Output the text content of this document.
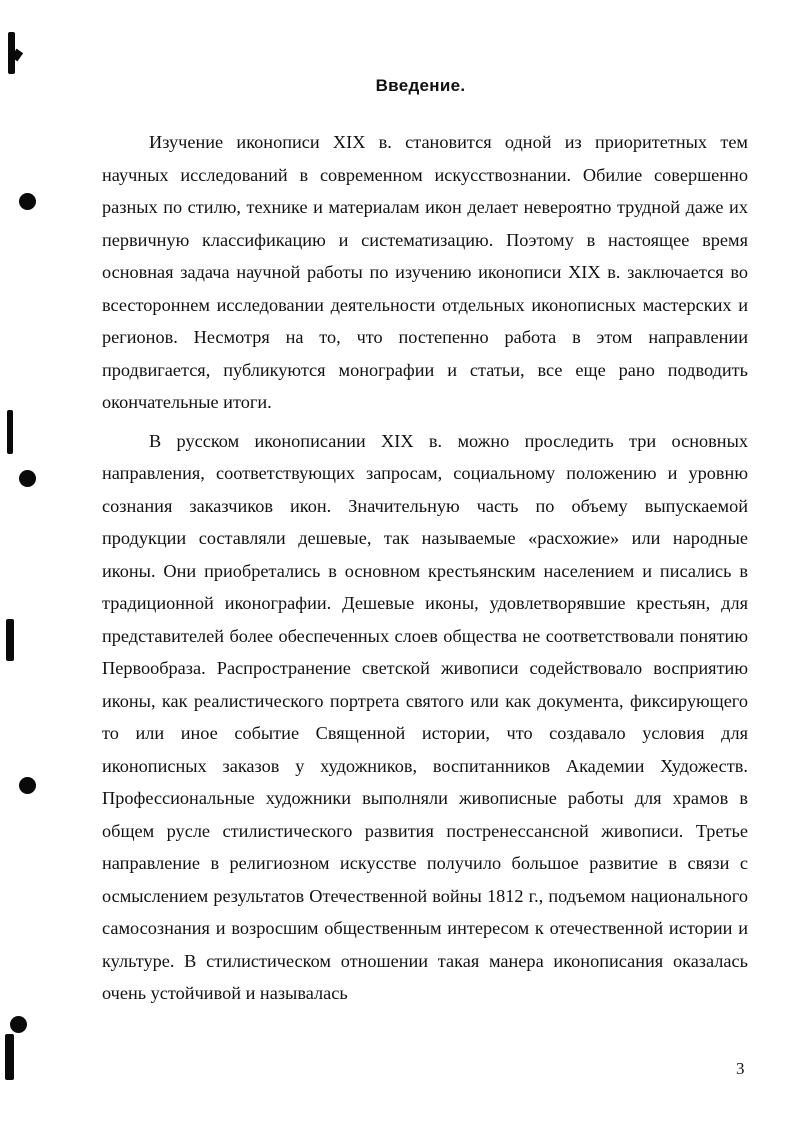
Введение.

Изучение иконописи XIX в. становится одной из приоритетных тем научных исследований в современном искусствознании. Обилие совершенно разных по стилю, технике и материалам икон делает невероятно трудной даже их первичную классификацию и систематизацию. Поэтому в настоящее время основная задача научной работы по изучению иконописи XIX в. заключается во всестороннем исследовании деятельности отдельных иконописных мастерских и регионов. Несмотря на то, что постепенно работа в этом направлении продвигается, публикуются монографии и статьи, все еще рано подводить окончательные итоги.

В русском иконописании XIX в. можно проследить три основных направления, соответствующих запросам, социальному положению и уровню сознания заказчиков икон. Значительную часть по объему выпускаемой продукции составляли дешевые, так называемые «расхожие» или народные иконы. Они приобретались в основном крестьянским населением и писались в традиционной иконографии. Дешевые иконы, удовлетворявшие крестьян, для представителей более обеспеченных слоев общества не соответствовали понятию Первообраза. Распространение светской живописи содействовало восприятию иконы, как реалистического портрета святого или как документа, фиксирующего то или иное событие Священной истории, что создавало условия для иконописных заказов у художников, воспитанников Академии Художеств. Профессиональные художники выполняли живописные работы для храмов в общем русле стилистического развития постренессансной живописи. Третье направление в религиозном искусстве получило большое развитие в связи с осмыслением результатов Отечественной войны 1812 г., подъемом национального самосознания и возросшим общественным интересом к отечественной истории и культуре. В стилистическом отношении такая манера иконописания оказалась очень устойчивой и называлась

3
